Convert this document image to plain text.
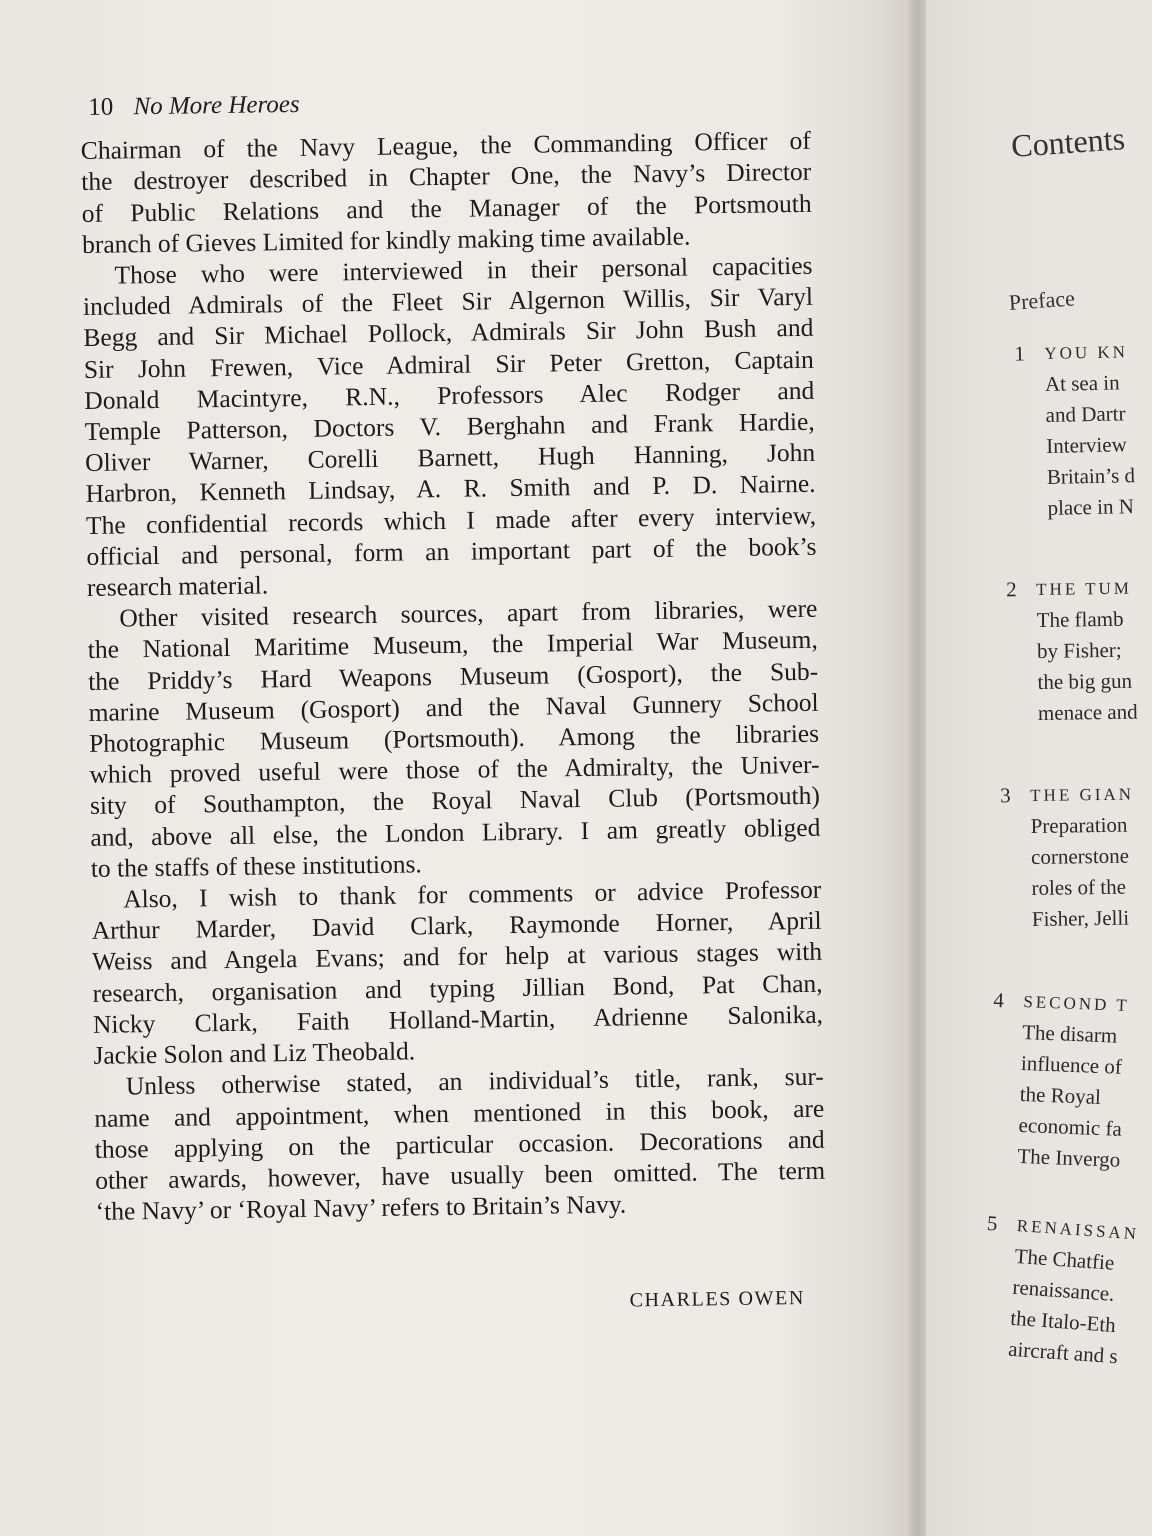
10 No More Heroes
Chairman of the Navy League, the Commanding Officer of
the destroyer described in Chapter One, the Navy’s Director
of Public Relations and the Manager of the Portsmouth
branch of Gieves Limited for kindly making time available.
Those who were interviewed in their personal capacities
included Admirals of the Fleet Sir Algernon Willis, Sir Varyl
Begg and Sir Michael Pollock, Admirals Sir John Bush and
Sir John Frewen, Vice Admiral Sir Peter Gretton, Captain
Donald Macintyre, R.N., Professors Alec Rodger and
Temple Patterson, Doctors V. Berghahn and Frank Hardie,
Oliver Warner, Corelli Barnett, Hugh Hanning, John
Harbron, Kenneth Lindsay, A. R. Smith and P. D. Nairne.
The confidential records which I made after every interview,
official and personal, form an important part of the book’s
research material.
Other visited research sources, apart from libraries, were
the National Maritime Museum, the Imperial War Museum,
the Priddy’s Hard Weapons Museum (Gosport), the Sub-
marine Museum (Gosport) and the Naval Gunnery School
Photographic Museum (Portsmouth). Among the libraries
which proved useful were those of the Admiralty, the Univer-
sity of Southampton, the Royal Naval Club (Portsmouth)
and, above all else, the London Library. I am greatly obliged
to the staffs of these institutions.
Also, I wish to thank for comments or advice Professor
Arthur Marder, David Clark, Raymonde Horner, April
Weiss and Angela Evans; and for help at various stages with
research, organisation and typing Jillian Bond, Pat Chan,
Nicky Clark, Faith Holland-Martin, Adrienne Salonika,
Jackie Solon and Liz Theobald.
Unless otherwise stated, an individual’s title, rank, sur-
name and appointment, when mentioned in this book, are
those applying on the particular occasion. Decorations and
other awards, however, have usually been omitted. The term
‘the Navy’ or ‘Royal Navy’ refers to Britain’s Navy.
CHARLES OWEN
Contents
Preface
1 YOU KN
At sea in
and Dartr
Interview
Britain’s d
place in N
2 THE TUM
The flamb
by Fisher;
the big gun
menace and
3 THE GIAN
Preparation
cornerstone
roles of the
Fisher, Jelli
4 SECOND T
The disarm
influence of
the Royal
economic fa
The Invergo
5 RENAISSAN
The Chatfie
renaissance.
the Italo-Eth
aircraft and s
